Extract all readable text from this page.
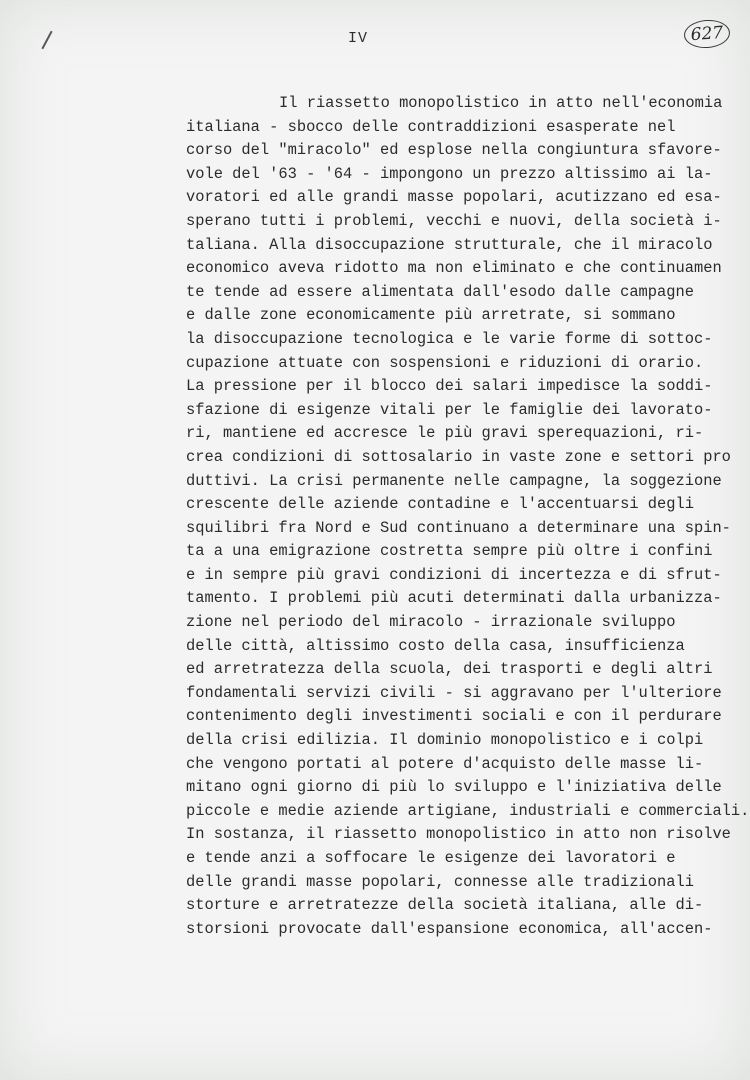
IV	627
Il riassetto monopolistico in atto nell'economia
italiana - sbocco delle contraddizioni esasperate nel
corso del "miracolo" ed esplose nella congiuntura sfavore-
vole del '63 - '64 - impongono un prezzo altissimo ai la-
voratori ed alle grandi masse popolari, acutizzano ed esa-
sperano tutti i problemi, vecchi e nuovi, della società i-
taliana. Alla disoccupazione strutturale, che il miracolo
economico aveva ridotto ma non eliminato e che continuamen
te tende ad essere alimentata dall'esodo dalle campagne
e dalle zone economicamente più arretrate, si sommano
la disoccupazione tecnologica e le varie forme di sottoc-
cupazione attuate con sospensioni e riduzioni di orario.
La pressione per il blocco dei salari impedisce la soddi-
sfazione di esigenze vitali per le famiglie dei lavorato-
ri, mantiene ed accresce le più gravi sperequazioni, ri-
crea condizioni di sottosalario in vaste zone e settori pro
duttivi. La crisi permanente nelle campagne, la soggezione
crescente delle aziende contadine e l'accentuarsi degli
squilibri fra Nord e Sud continuano a determinare una spin-
ta a una emigrazione costretta sempre più oltre i confini
e in sempre più gravi condizioni di incertezza e di sfrut-
tamento. I problemi più acuti determinati dalla urbanizza-
zione nel periodo del miracolo - irrazionale sviluppo
delle città, altissimo costo della casa, insufficienza
ed arretratezza della scuola, dei trasporti e degli altri
fondamentali servizi civili - si aggravano per l'ulteriore
contenimento degli investimenti sociali e con il perdurare
della crisi edilizia. Il dominio monopolistico e i colpi
che vengono portati al potere d'acquisto delle masse li-
mitano ogni giorno di più lo sviluppo e l'iniziativa delle
piccole e medie aziende artigiane, industriali e commerciali.
In sostanza, il riassetto monopolistico in atto non risolve
e tende anzi a soffocare le esigenze dei lavoratori e
delle grandi masse popolari, connesse alle tradizionali
storture e arretratezze della società italiana, alle di-
storsioni provocate dall'espansione economica, all'accen-
